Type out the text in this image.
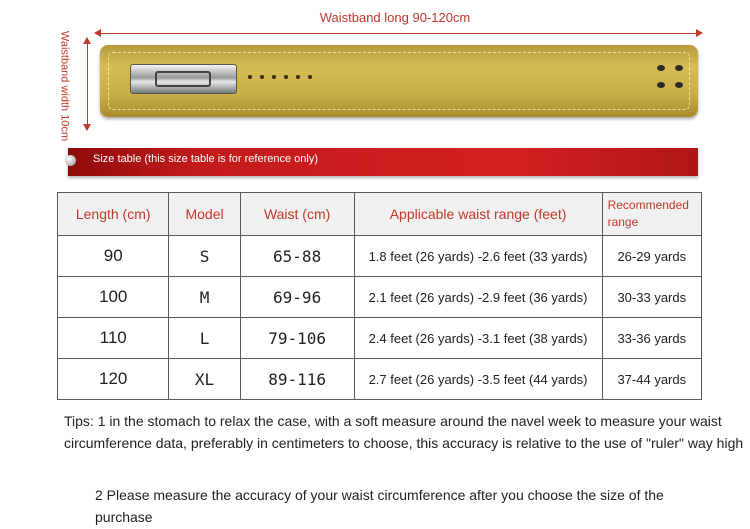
Waistband long 90-120cm
Waistband width 10cm
Size table (this size table is for reference only)
Length (cm)	Model	Waist (cm)	Applicable waist range (feet)	Recommended range
90	S	65-88	1.8 feet (26 yards) -2.6 feet (33 yards)	26-29 yards
100	M	69-96	2.1 feet (26 yards) -2.9 feet (36 yards)	30-33 yards
110	L	79-106	2.4 feet (26 yards) -3.1 feet (38 yards)	33-36 yards
120	XL	89-116	2.7 feet (26 yards) -3.5 feet (44 yards)	37-44 yards
Tips: 1 in the stomach to relax the case, with a soft measure around the navel week to measure your waist circumference data, preferably in centimeters to choose, this accuracy is relative to the use of "ruler" way high
2 Please measure the accuracy of your waist circumference after you choose the size of the purchase
